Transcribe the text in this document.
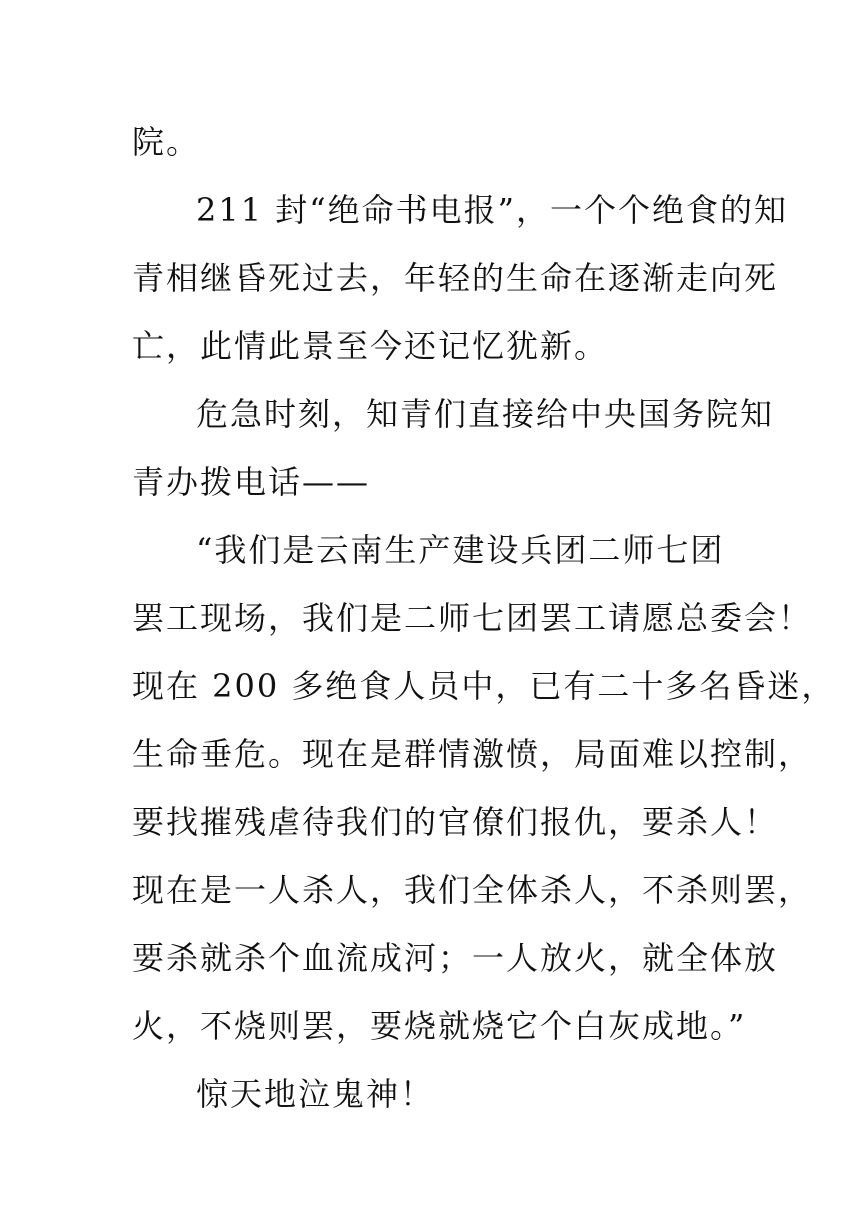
院。
211 封“绝命书电报”，一个个绝食的知
青相继昏死过去，年轻的生命在逐渐走向死
亡，此情此景至今还记忆犹新。
危急时刻，知青们直接给中央国务院知
青办拨电话——
“我们是云南生产建设兵团二师七团
罢工现场，我们是二师七团罢工请愿总委会！
现在 200 多绝食人员中，已有二十多名昏迷，
生命垂危。现在是群情激愤，局面难以控制，
要找摧残虐待我们的官僚们报仇，要杀人！
现在是一人杀人，我们全体杀人，不杀则罢，
要杀就杀个血流成河；一人放火，就全体放
火，不烧则罢，要烧就烧它个白灰成地。”
惊天地泣鬼神！
